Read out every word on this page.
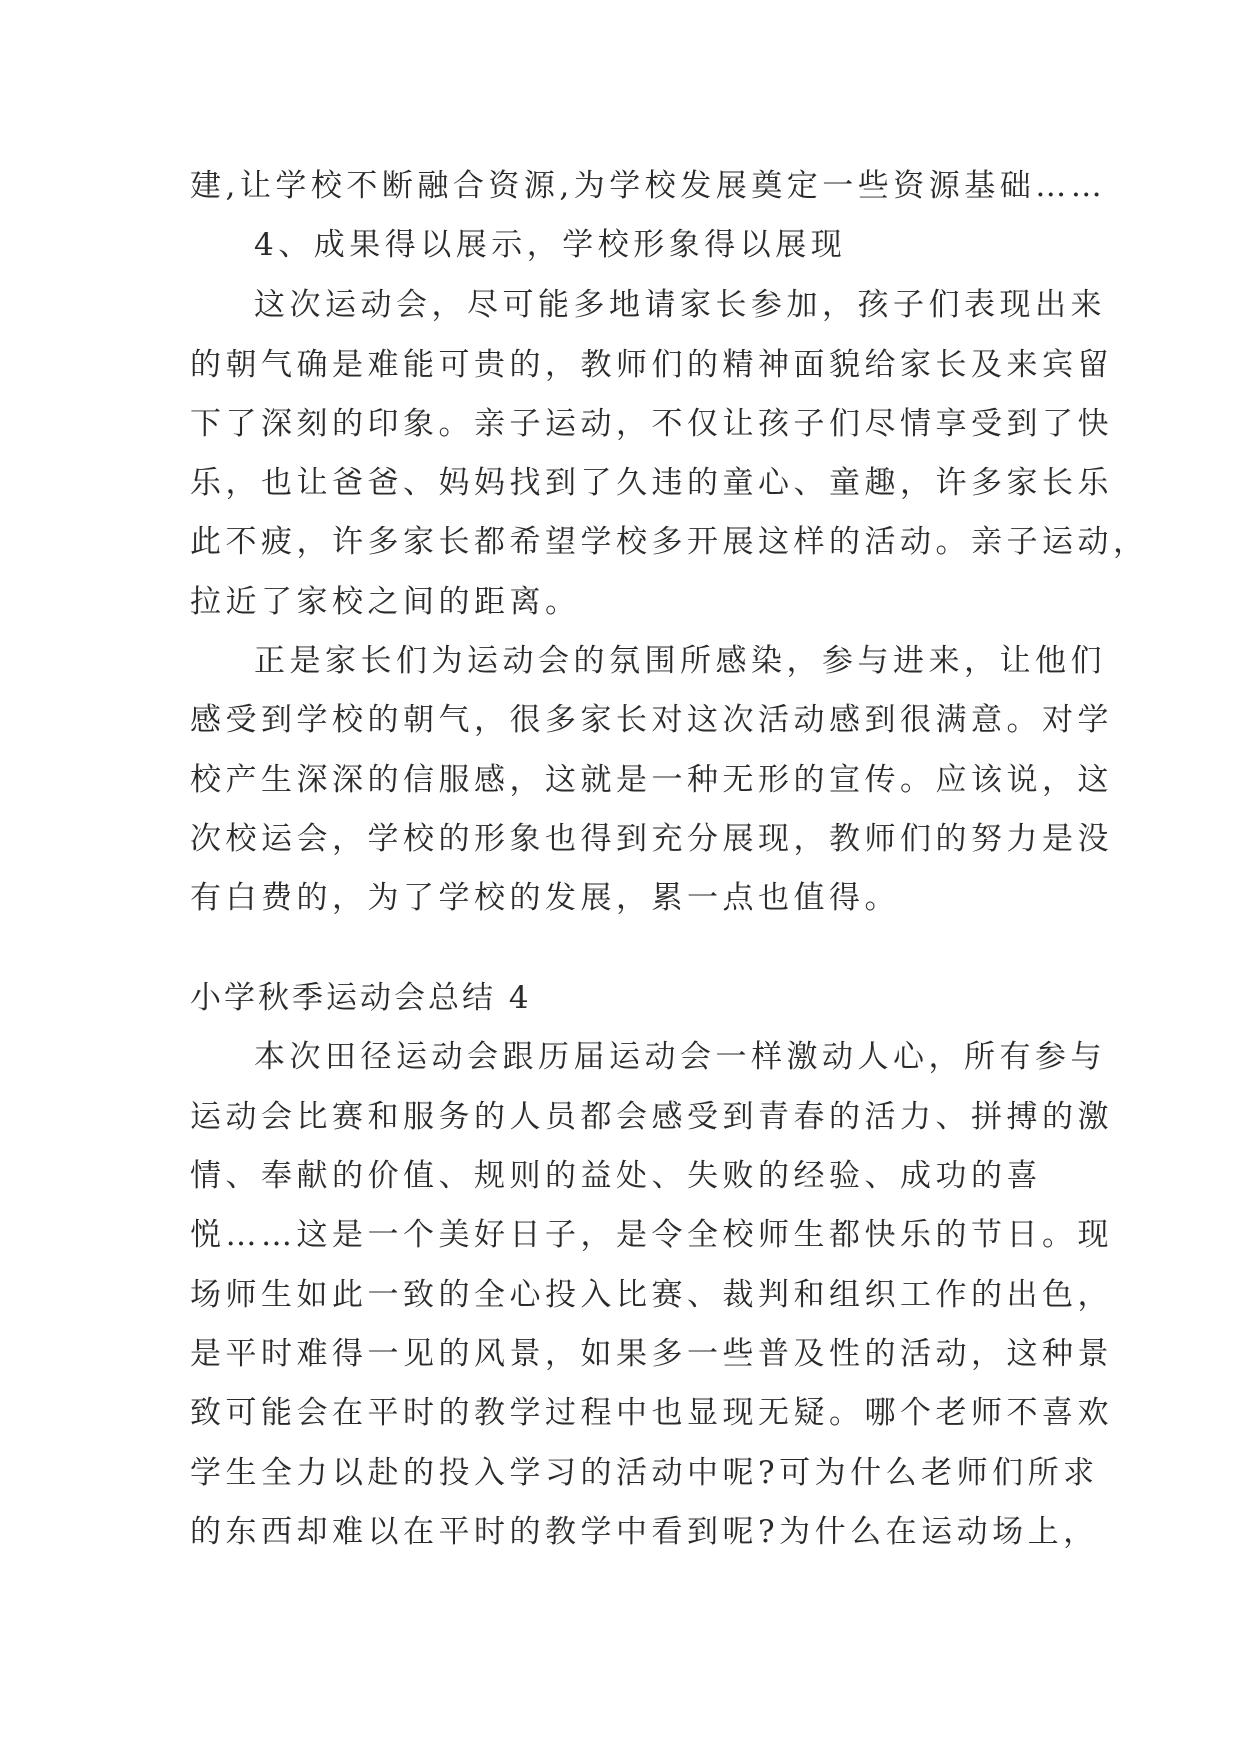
建,让学校不断融合资源,为学校发展奠定一些资源基础……
4、成果得以展示，学校形象得以展现
这次运动会，尽可能多地请家长参加，孩子们表现出来
的朝气确是难能可贵的，教师们的精神面貌给家长及来宾留
下了深刻的印象。亲子运动，不仅让孩子们尽情享受到了快
乐，也让爸爸、妈妈找到了久违的童心、童趣，许多家长乐
此不疲，许多家长都希望学校多开展这样的活动。亲子运动，
拉近了家校之间的距离。
正是家长们为运动会的氛围所感染，参与进来，让他们
感受到学校的朝气，很多家长对这次活动感到很满意。对学
校产生深深的信服感，这就是一种无形的宣传。应该说，这
次校运会，学校的形象也得到充分展现，教师们的努力是没
有白费的，为了学校的发展，累一点也值得。
小学秋季运动会总结 4
本次田径运动会跟历届运动会一样激动人心，所有参与
运动会比赛和服务的人员都会感受到青春的活力、拼搏的激
情、奉献的价值、规则的益处、失败的经验、成功的喜
悦……这是一个美好日子，是令全校师生都快乐的节日。现
场师生如此一致的全心投入比赛、裁判和组织工作的出色，
是平时难得一见的风景，如果多一些普及性的活动，这种景
致可能会在平时的教学过程中也显现无疑。哪个老师不喜欢
学生全力以赴的投入学习的活动中呢?可为什么老师们所求
的东西却难以在平时的教学中看到呢?为什么在运动场上，
